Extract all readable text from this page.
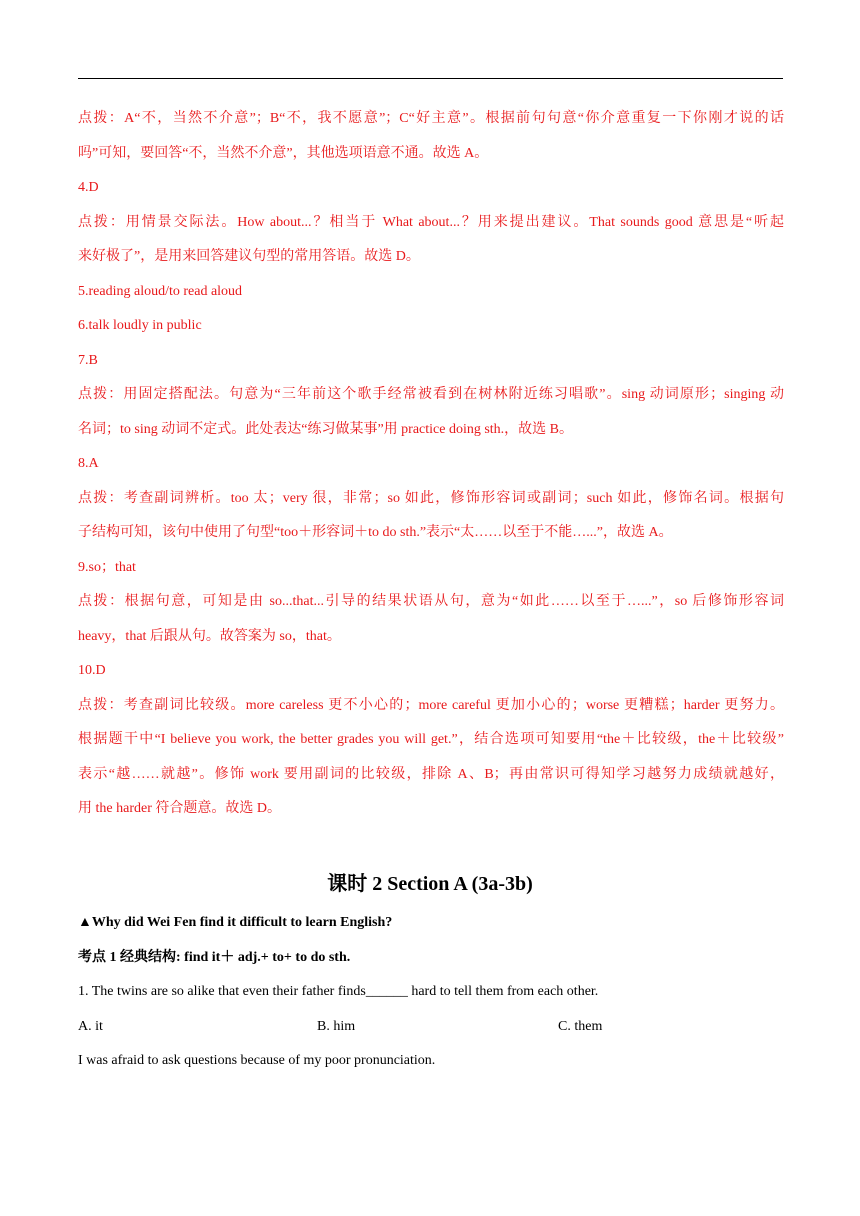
点拨：A“不，当然不介意”；B“不，我不愿意”；C“好主意”。根据前句句意“你介意重复一下你刚才说的话
吗”可知，要回答“不，当然不介意”，其他选项语意不通。故选 A。
4.D
点拨：用情景交际法。How about...？相当于 What about...？用来提出建议。That sounds good 意思是“听起
来好极了”，是用来回答建议句型的常用答语。故选 D。
5.reading aloud/to read aloud
6.talk loudly in public
7.B
点拨：用固定搭配法。句意为“三年前这个歌手经常被看到在树林附近练习唱歌”。sing 动词原形；singing 动
名词；to sing 动词不定式。此处表达“练习做某事”用 practice doing sth.，故选 B。
8.A
点拨：考查副词辨析。too 太；very 很，非常；so 如此，修饰形容词或副词；such 如此，修饰名词。根据句
子结构可知，该句中使用了句型“too＋形容词＋to do sth.”表示“太……以至于不能…...”，故选 A。
9.so；that
点拨：根据句意，可知是由 so...that...引导的结果状语从句，意为“如此……以至于…...”，so 后修饰形容词
heavy，that 后跟从句。故答案为 so，that。
10.D
点拨：考查副词比较级。more careless 更不小心的；more careful 更加小心的；worse 更糟糕；harder 更努力。
根据题干中“I believe you work, the better grades you will get.”，结合选项可知要用“the＋比较级，the＋比较级”
表示“越……就越”。修饰 work 要用副词的比较级，排除 A、B；再由常识可得知学习越努力成绩就越好，
用 the harder 符合题意。故选 D。
课时 2 Section A (3a-3b)
▲Why did Wei Fen find it difficult to learn English?
考点 1 经典结构: find it＋ adj.+ to+ to do sth.
1. The twins are so alike that even their father finds______ hard to tell them from each other.
A. it	B. him	C. them
I was afraid to ask questions because of my poor pronunciation.
